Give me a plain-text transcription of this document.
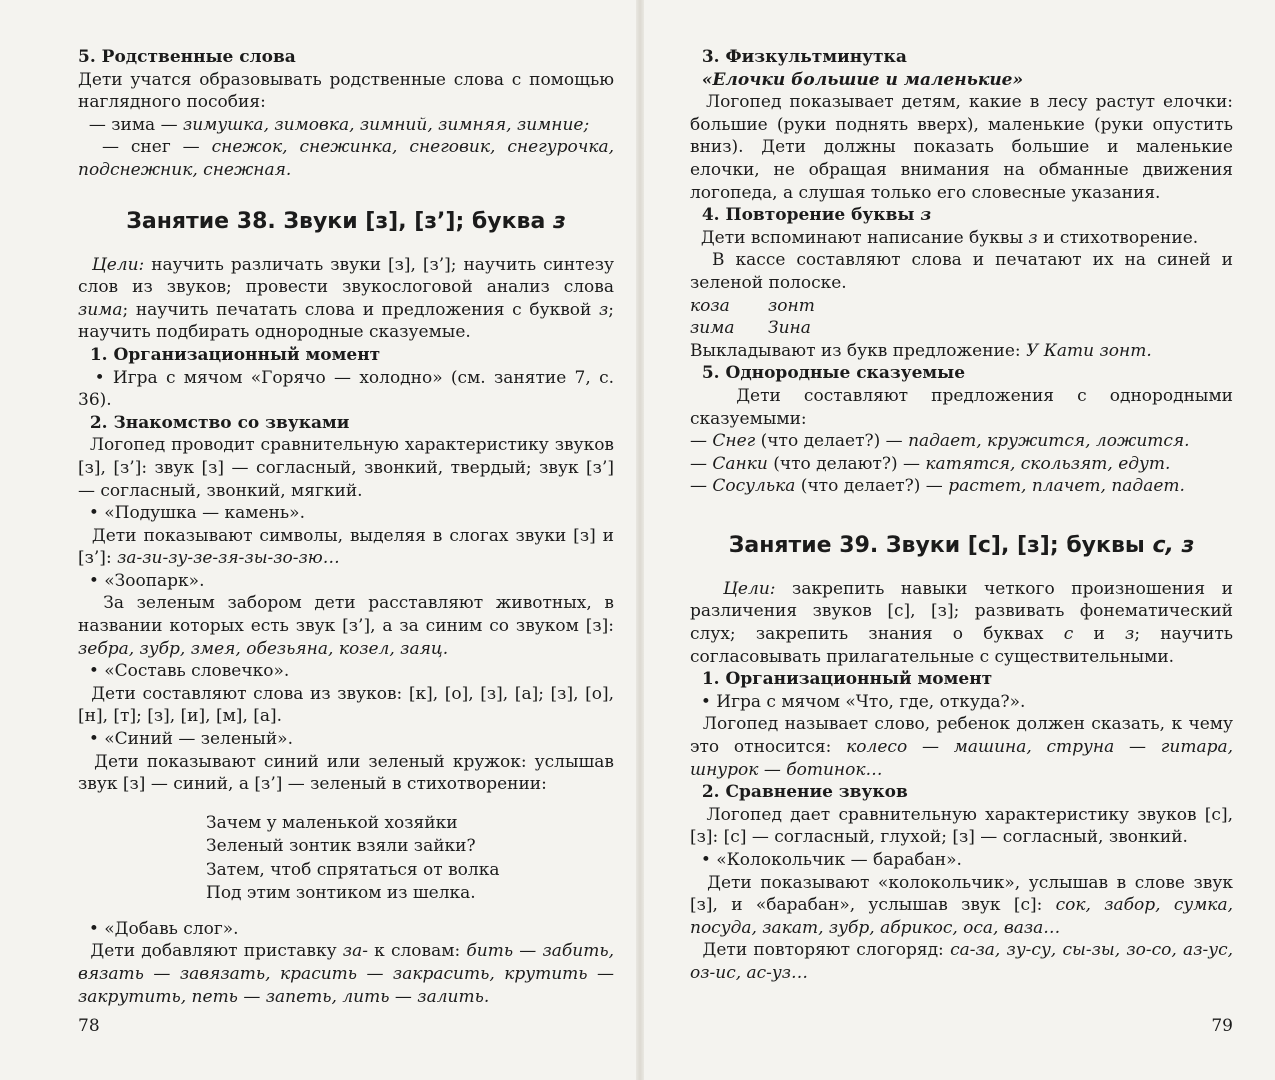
5. Родственные слова

Дети учатся образовывать родственные слова с помощью наглядного пособия:

— зима — зимушка, зимовка, зимний, зимняя, зимние;

— снег — снежок, снежинка, снеговик, снегурочка, подснежник, снежная.

Занятие 38. Звуки [з], [з’]; буква з

Цели: научить различать звуки [з], [з’]; научить синтезу слов из звуков; провести звукослоговой анализ слова зима; научить печатать слова и предложения с буквой з; научить подбирать однородные сказуемые.

1. Организационный момент

• Игра с мячом «Горячо — холодно» (см. занятие 7, с. 36).

2. Знакомство со звуками

Логопед проводит сравнительную характеристику звуков [з], [з’]: звук [з] — согласный, звонкий, твердый; звук [з’] — согласный, звонкий, мягкий.

• «Подушка — камень».

Дети показывают символы, выделяя в слогах звуки [з] и [з’]: за-зи-зу-зе-зя-зы-зо-зю…

• «Зоопарк».

За зеленым забором дети расставляют животных, в названии которых есть звук [з’], а за синим со звуком [з]: зебра, зубр, змея, обезьяна, козел, заяц.

• «Составь словечко».

Дети составляют слова из звуков: [к], [о], [з], [а]; [з], [о], [н], [т]; [з], [и], [м], [а].

• «Синий — зеленый».

Дети показывают синий или зеленый кружок: услышав звук [з] — синий, а [з’] — зеленый в стихотворении:

Зачем у маленькой хозяйки
Зеленый зонтик взяли зайки?
Затем, чтоб спрятаться от волка
Под этим зонтиком из шелка.

• «Добавь слог».

Дети добавляют приставку за- к словам: бить — забить, вязать — завязать, красить — закрасить, крутить — закрутить, петь — запеть, лить — залить.

78

3. Физкультминутка

«Елочки большие и маленькие»

Логопед показывает детям, какие в лесу растут елочки: большие (руки поднять вверх), маленькие (руки опустить вниз). Дети должны показать большие и маленькие елочки, не обращая внимания на обманные движения логопеда, а слушая только его словесные указания.

4. Повторение буквы з

Дети вспоминают написание буквы з и стихотворение.

В кассе составляют слова и печатают их на синей и зеленой полоске.

коза	зонт
зима	Зина

Выкладывают из букв предложение: У Кати зонт.

5. Однородные сказуемые

Дети составляют предложения с однородными сказуемыми:

— Снег (что делает?) — падает, кружится, ложится.

— Санки (что делают?) — катятся, скользят, едут.

— Сосулька (что делает?) — растет, плачет, падает.

Занятие 39. Звуки [с], [з]; буквы с, з

Цели: закрепить навыки четкого произношения и различения звуков [с], [з]; развивать фонематический слух; закрепить знания о буквах с и з; научить согласовывать прилагательные с существительными.

1. Организационный момент

• Игра с мячом «Что, где, откуда?».

Логопед называет слово, ребенок должен сказать, к чему это относится: колесо — машина, струна — гитара, шнурок — ботинок…

2. Сравнение звуков

Логопед дает сравнительную характеристику звуков [с], [з]: [с] — согласный, глухой; [з] — согласный, звонкий.

• «Колокольчик — барабан».

Дети показывают «колокольчик», услышав в слове звук [з], и «барабан», услышав звук [с]: сок, забор, сумка, посуда, закат, зубр, абрикос, оса, ваза…

Дети повторяют слогоряд: са-за, зу-су, сы-зы, зо-со, аз-ус, оз-ис, ас-уз…

79
